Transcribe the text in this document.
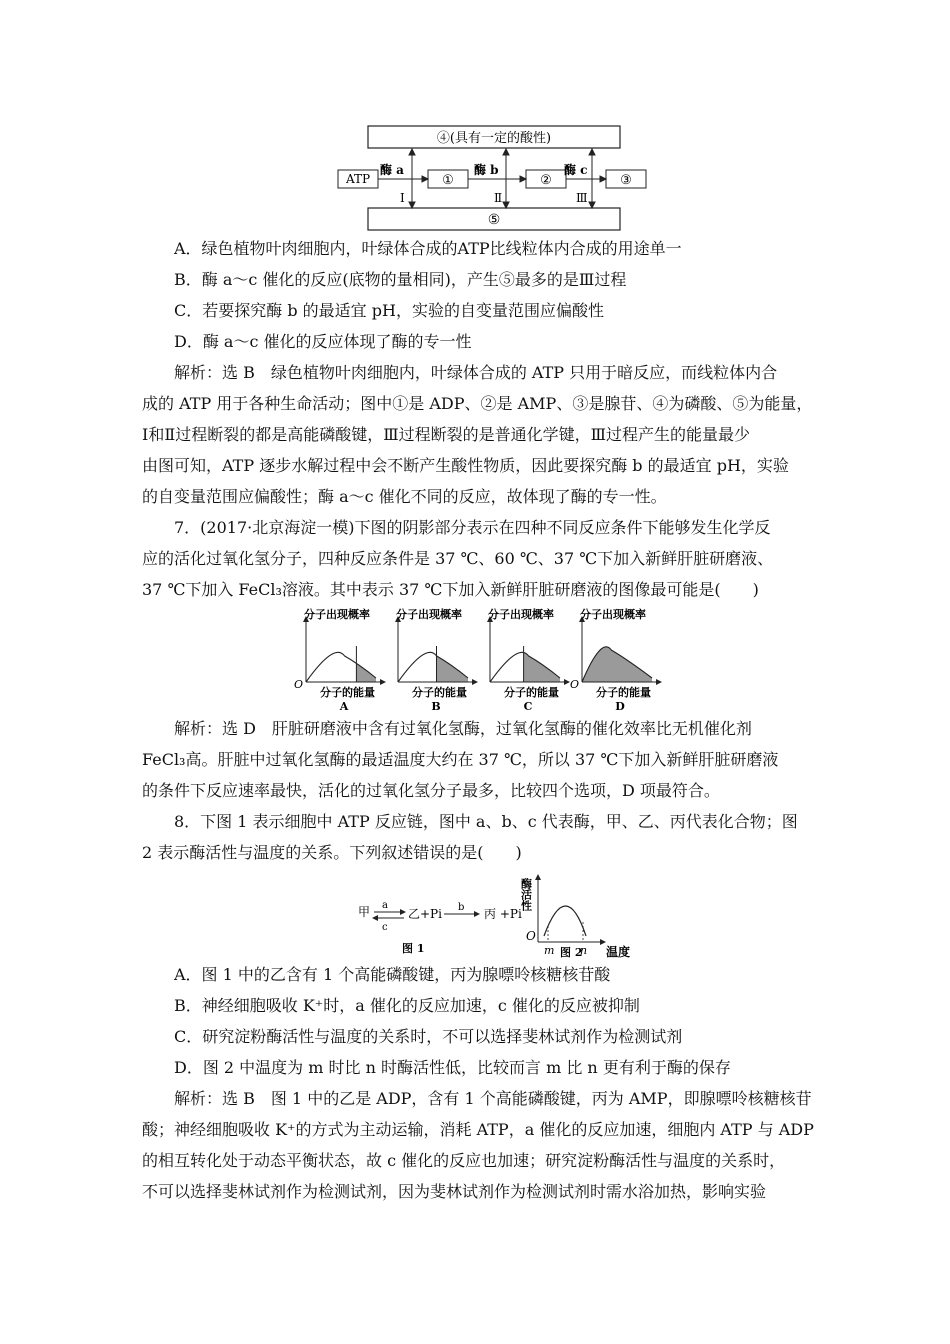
④(具有一定的酸性)
⑤
ATP	①	②	③
酶 a	酶 b	酶 c
Ⅰ	Ⅱ	Ⅲ
A．绿色植物叶肉细胞内，叶绿体合成的ATP比线粒体内合成的用途单一
B．酶 a～c 催化的反应(底物的量相同)，产生⑤最多的是Ⅲ过程
C．若要探究酶 b 的最适宜 pH，实验的自变量范围应偏酸性
D．酶 a～c 催化的反应体现了酶的专一性
解析：选 B　绿色植物叶肉细胞内，叶绿体合成的 ATP 只用于暗反应，而线粒体内合
成的 ATP 用于各种生命活动；图中①是 ADP、②是 AMP、③是腺苷、④为磷酸、⑤为能量，
Ⅰ和Ⅱ过程断裂的都是高能磷酸键，Ⅲ过程断裂的是普通化学键，Ⅲ过程产生的能量最少
由图可知，ATP 逐步水解过程中会不断产生酸性物质，因此要探究酶 b 的最适宜 pH，实验
的自变量范围应偏酸性；酶 a～c 催化不同的反应，故体现了酶的专一性。
7．(2017·北京海淀一模)下图的阴影部分表示在四种不同反应条件下能够发生化学反
应的活化过氧化氢分子，四种反应条件是 37 ℃、60 ℃、37 ℃下加入新鲜肝脏研磨液、
37 ℃下加入 FeCl₃溶液。其中表示 37 ℃下加入新鲜肝脏研磨液的图像最可能是(　　)
分子出现概率
O
分子的能量
A
分子出现概率
分子的能量
B
分子出现概率
分子的能量
C
分子出现概率
O
分子的能量
D
解析：选 D　肝脏研磨液中含有过氧化氢酶，过氧化氢酶的催化效率比无机催化剂
FeCl₃高。肝脏中过氧化氢酶的最适温度大约在 37 ℃，所以 37 ℃下加入新鲜肝脏研磨液
的条件下反应速率最快，活化的过氧化氢分子最多，比较四个选项，D 项最符合。
8．下图 1 表示细胞中 ATP 反应链，图中 a、b、c 代表酶，甲、乙、丙代表化合物；图
2 表示酶活性与温度的关系。下列叙述错误的是(　　)
甲 a
c
乙+Pi b 丙 +Pi
图 1
酶活性
O
m n
图 2 温度
A．图 1 中的乙含有 1 个高能磷酸键，丙为腺嘌呤核糖核苷酸
B．神经细胞吸收 K⁺时，a 催化的反应加速，c 催化的反应被抑制
C．研究淀粉酶活性与温度的关系时，不可以选择斐林试剂作为检测试剂
D．图 2 中温度为 m 时比 n 时酶活性低，比较而言 m 比 n 更有利于酶的保存
解析：选 B　图 1 中的乙是 ADP，含有 1 个高能磷酸键，丙为 AMP，即腺嘌呤核糖核苷
酸；神经细胞吸收 K⁺的方式为主动运输，消耗 ATP，a 催化的反应加速，细胞内 ATP 与 ADP
的相互转化处于动态平衡状态，故 c 催化的反应也加速；研究淀粉酶活性与温度的关系时，
不可以选择斐林试剂作为检测试剂，因为斐林试剂作为检测试剂时需水浴加热，影响实验
